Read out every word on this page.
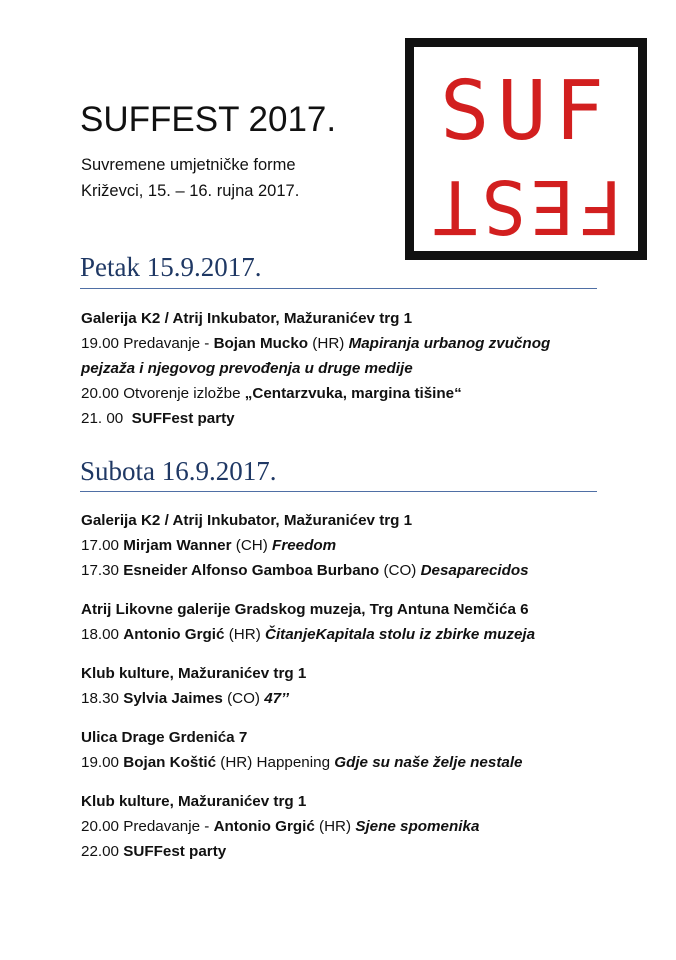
SUFFEST 2017.
Suvremene umjetničke forme
Križevci, 15. – 16. rujna 2017.
SUF
FEST
Petak 15.9.2017.
Galerija K2 / Atrij Inkubator, Mažuranićev trg 1
19.00 Predavanje - Bojan Mucko (HR) Mapiranja urbanog zvučnog
pejzaža i njegovog prevođenja u druge medije
20.00 Otvorenje izložbe „Centarzvuka, margina tišine“
21. 00  SUFFest party
Subota 16.9.2017.
Galerija K2 / Atrij Inkubator, Mažuranićev trg 1
17.00 Mirjam Wanner (CH) Freedom
17.30 Esneider Alfonso Gamboa Burbano (CO) Desaparecidos
Atrij Likovne galerije Gradskog muzeja, Trg Antuna Nemčića 6
18.00 Antonio Grgić (HR) ČitanjeKapitala stolu iz zbirke muzeja
Klub kulture, Mažuranićev trg 1
18.30 Sylvia Jaimes (CO) 47’’
Ulica Drage Grdenića 7
19.00 Bojan Koštić (HR) Happening Gdje su naše želje nestale
Klub kulture, Mažuranićev trg 1
20.00 Predavanje - Antonio Grgić (HR) Sjene spomenika
22.00 SUFFest party
